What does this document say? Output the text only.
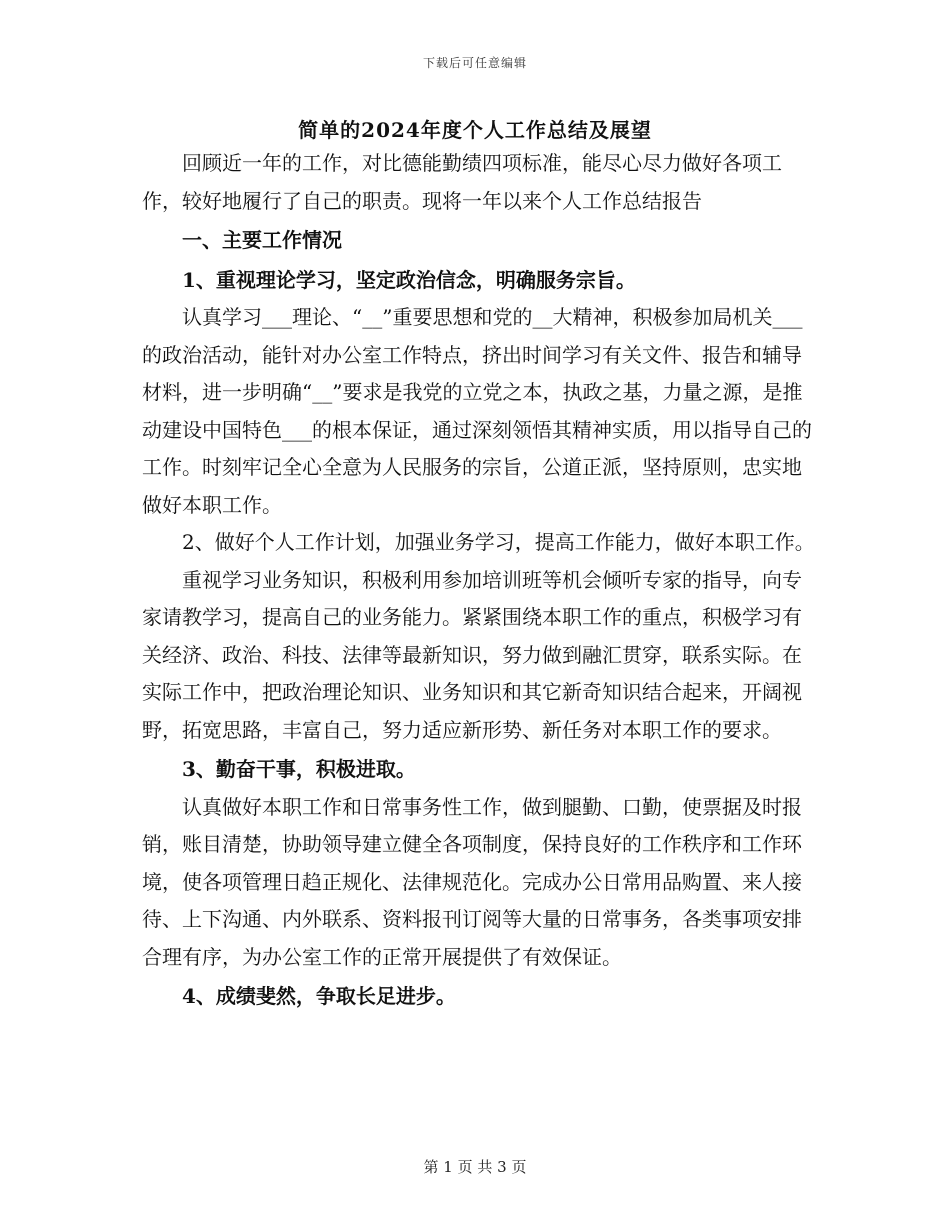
下载后可任意编辑
简单的2024年度个人工作总结及展望

回顾近一年的工作，对比德能勤绩四项标准，能尽心尽力做好各项工作，较好地履行了自己的职责。现将一年以来个人工作总结报告

一、主要工作情况

1、重视理论学习，坚定政治信念，明确服务宗旨。

认真学习___理论、“__”重要思想和党的__大精神，积极参加局机关___的政治活动，能针对办公室工作特点，挤出时间学习有关文件、报告和辅导材料，进一步明确“__”要求是我党的立党之本，执政之基，力量之源，是推动建设中国特色___的根本保证，通过深刻领悟其精神实质，用以指导自己的工作。时刻牢记全心全意为人民服务的宗旨，公道正派，坚持原则，忠实地做好本职工作。

2、做好个人工作计划，加强业务学习，提高工作能力，做好本职工作。

重视学习业务知识，积极利用参加培训班等机会倾听专家的指导，向专家请教学习，提高自己的业务能力。紧紧围绕本职工作的重点，积极学习有关经济、政治、科技、法律等最新知识，努力做到融汇贯穿，联系实际。在实际工作中，把政治理论知识、业务知识和其它新奇知识结合起来，开阔视野，拓宽思路，丰富自己，努力适应新形势、新任务对本职工作的要求。

3、勤奋干事，积极进取。

认真做好本职工作和日常事务性工作，做到腿勤、口勤，使票据及时报销，账目清楚，协助领导建立健全各项制度，保持良好的工作秩序和工作环境，使各项管理日趋正规化、法律规范化。完成办公日常用品购置、来人接待、上下沟通、内外联系、资料报刊订阅等大量的日常事务，各类事项安排合理有序，为办公室工作的正常开展提供了有效保证。

4、成绩斐然，争取长足进步。

第 1 页 共 3 页
